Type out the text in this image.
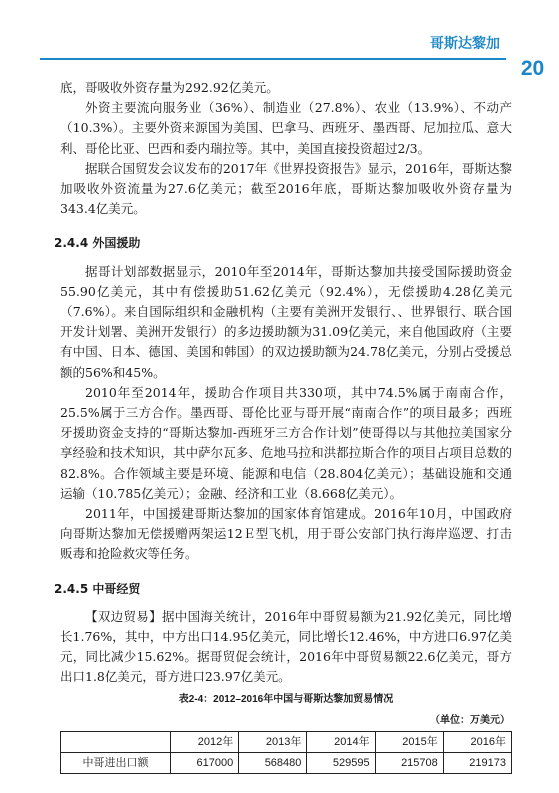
哥斯达黎加
20

底，哥吸收外资存量为292.92亿美元。

外资主要流向服务业（36%）、制造业（27.8%）、农业（13.9%）、不动产（10.3%）。主要外资来源国为美国、巴拿马、西班牙、墨西哥、尼加拉瓜、意大利、哥伦比亚、巴西和委内瑞拉等。其中，美国直接投资超过2/3。

据联合国贸发会议发布的2017年《世界投资报告》显示，2016年，哥斯达黎加吸收外资流量为27.6亿美元；截至2016年底，哥斯达黎加吸收外资存量为343.4亿美元。

2.4.4 外国援助

据哥计划部数据显示，2010年至2014年，哥斯达黎加共接受国际援助资金55.90亿美元，其中有偿援助51.62亿美元（92.4%），无偿援助4.28亿美元（7.6%）。来自国际组织和金融机构（主要有美洲开发银行、、世界银行、联合国开发计划署、美洲开发银行）的多边援助额为31.09亿美元，来自他国政府（主要有中国、日本、德国、美国和韩国）的双边援助额为24.78亿美元，分别占受援总额的56%和45%。

2010年至2014年，援助合作项目共330项，其中74.5%属于南南合作，25.5%属于三方合作。墨西哥、哥伦比亚与哥开展“南南合作”的项目最多；西班牙援助资金支持的“哥斯达黎加-西班牙三方合作计划”使哥得以与其他拉美国家分享经验和技术知识，其中萨尔瓦多、危地马拉和洪都拉斯合作的项目占项目总数的82.8%。合作领域主要是环境、能源和电信（28.804亿美元）；基础设施和交通运输（10.785亿美元）；金融、经济和工业（8.668亿美元）。

2011年，中国援建哥斯达黎加的国家体育馆建成。2016年10月，中国政府向哥斯达黎加无偿援赠两架运12Ｅ型飞机，用于哥公安部门执行海岸巡逻、打击贩毒和抢险救灾等任务。

2.4.5 中哥经贸

【双边贸易】据中国海关统计，2016年中哥贸易额为21.92亿美元，同比增长1.76%，其中，中方出口14.95亿美元，同比增长12.46%，中方进口6.97亿美元，同比减少15.62%。据哥贸促会统计，2016年中哥贸易额22.6亿美元，哥方出口1.8亿美元，哥方进口23.97亿美元。

表2-4：2012–2016年中国与哥斯达黎加贸易情况
（单位：万美元）
	2012年	2013年	2014年	2015年	2016年
中哥进出口额	617000	568480	529595	215708	219173
